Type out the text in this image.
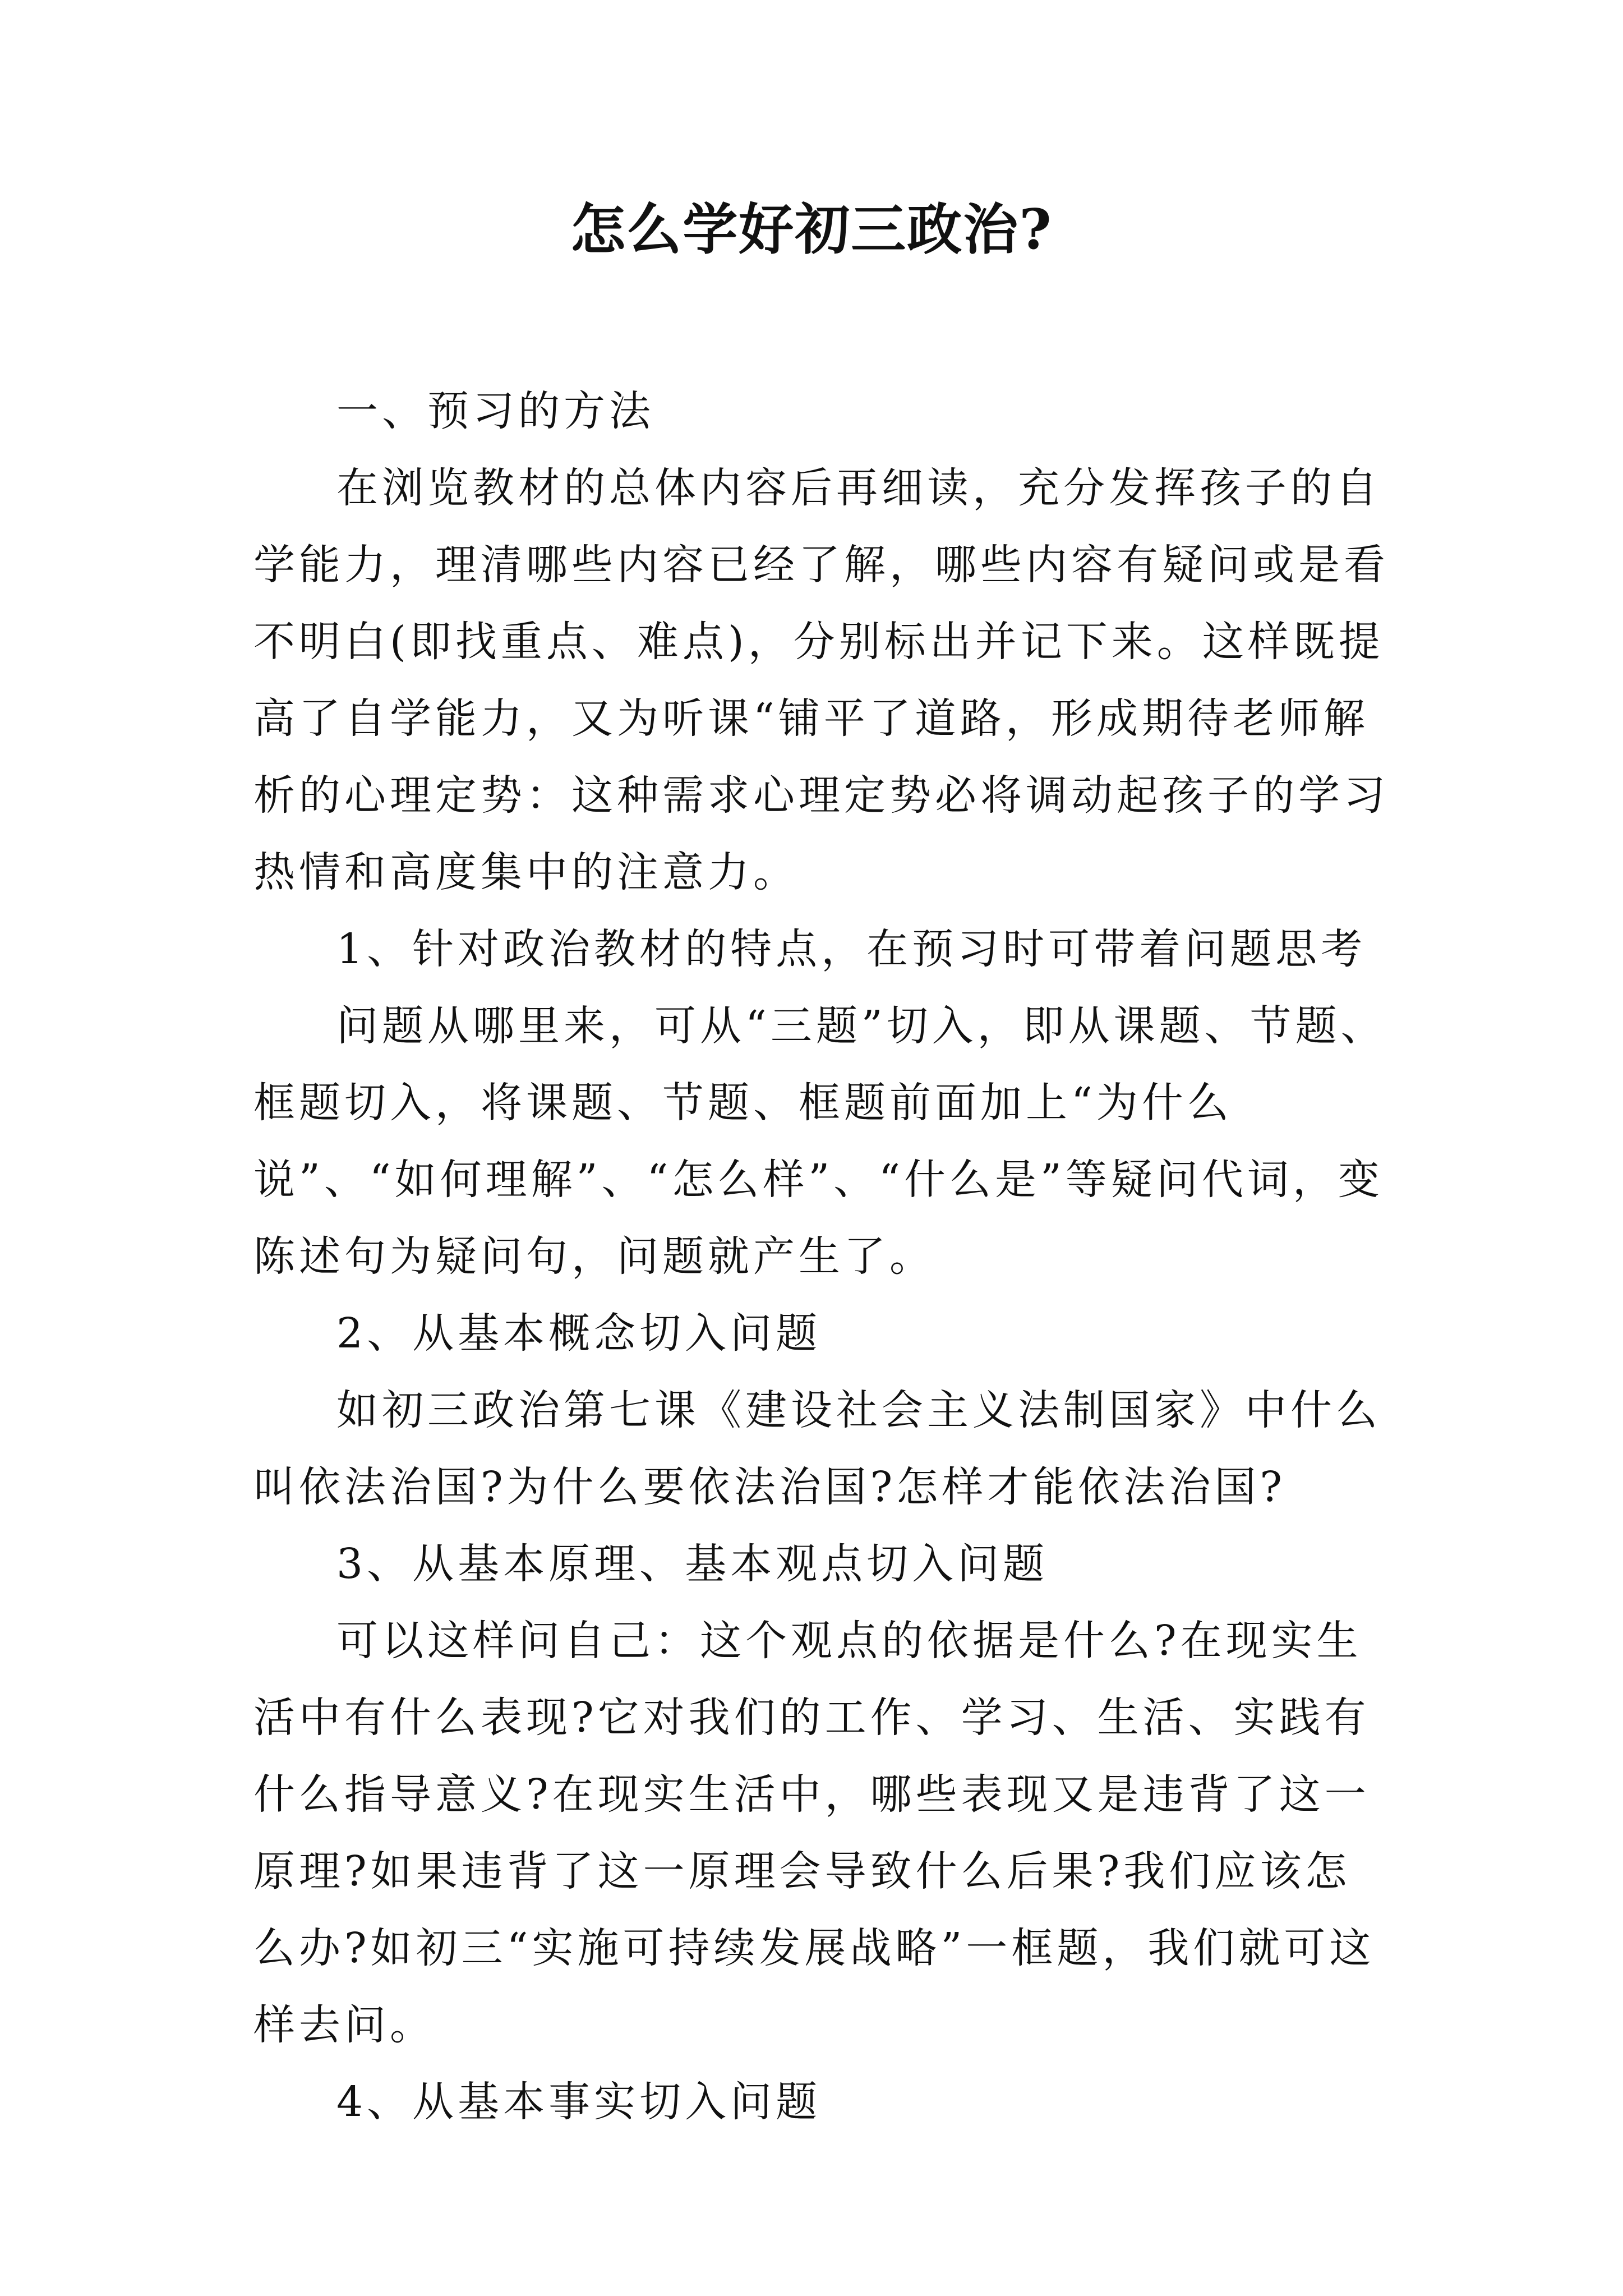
怎么学好初三政治?

一、预习的方法

在浏览教材的总体内容后再细读，充分发挥孩子的自学能力，理清哪些内容已经了解，哪些内容有疑问或是看不明白(即找重点、难点)，分别标出并记下来。这样既提高了自学能力，又为听课“铺平了道路，形成期待老师解析的心理定势：这种需求心理定势必将调动起孩子的学习热情和高度集中的注意力。

1、针对政治教材的特点，在预习时可带着问题思考

问题从哪里来，可从“三题”切入，即从课题、节题、框题切入，将课题、节题、框题前面加上“为什么说”、“如何理解”、“怎么样”、“什么是”等疑问代词，变陈述句为疑问句，问题就产生了。

2、从基本概念切入问题

如初三政治第七课《建设社会主义法制国家》中什么叫依法治国?为什么要依法治国?怎样才能依法治国?

3、从基本原理、基本观点切入问题

可以这样问自己：这个观点的依据是什么?在现实生活中有什么表现?它对我们的工作、学习、生活、实践有什么指导意义?在现实生活中，哪些表现又是违背了这一原理?如果违背了这一原理会导致什么后果?我们应该怎么办?如初三“实施可持续发展战略”一框题，我们就可这样去问。

4、从基本事实切入问题
